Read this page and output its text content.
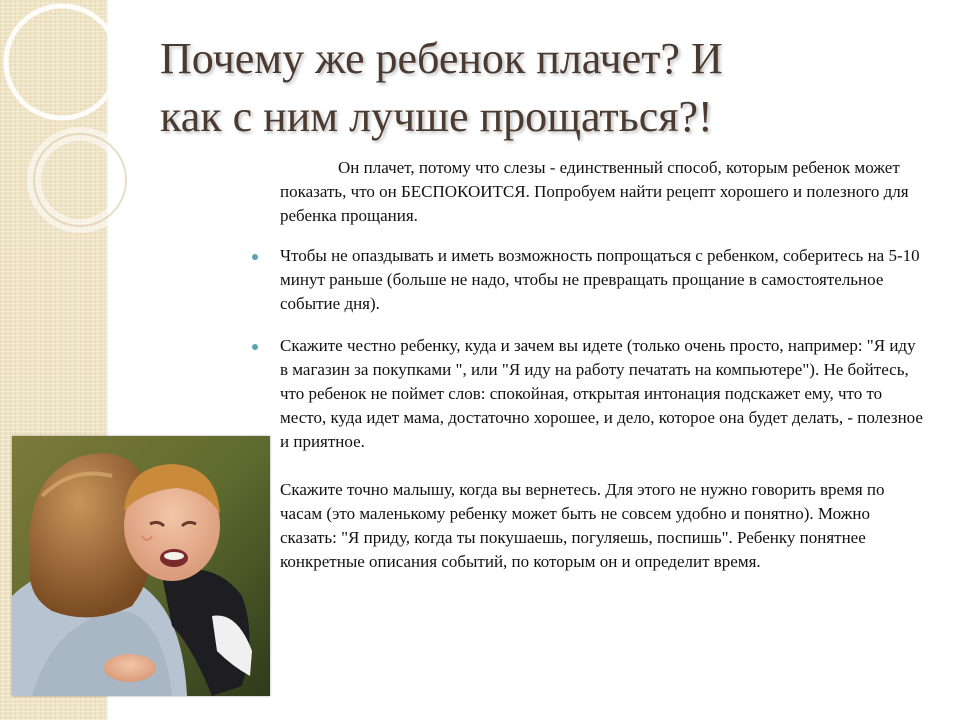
Почему же ребенок плачет? И
как с ним лучше прощаться?!

Он плачет, потому что слезы - единственный способ, которым ребенок может показать, что он БЕСПОКОИТСЯ. Попробуем найти рецепт хорошего и полезного для ребенка прощания.

Чтобы не опаздывать и иметь возможность попрощаться с ребенком, соберитесь на 5-10 минут раньше (больше не надо, чтобы не превращать прощание в самостоятельное событие дня).
Скажите честно ребенку, куда и зачем вы идете (только очень просто, например: "Я иду в магазин за покупками ", или "Я иду на работу печатать на компьютере"). Не бойтесь, что ребенок не поймет слов: спокойная, открытая интонация подскажет ему, что то место, куда идет мама, достаточно хорошее, и дело, которое она будет делать, - полезное и приятное.
Скажите точно малышу, когда вы вернетесь. Для этого не нужно говорить время по часам (это маленькому ребенку может быть не совсем удобно и понятно). Можно сказать: "Я приду, когда ты покушаешь, погуляешь, поспишь". Ребенку понятнее конкретные описания событий, по которым он и определит время.
